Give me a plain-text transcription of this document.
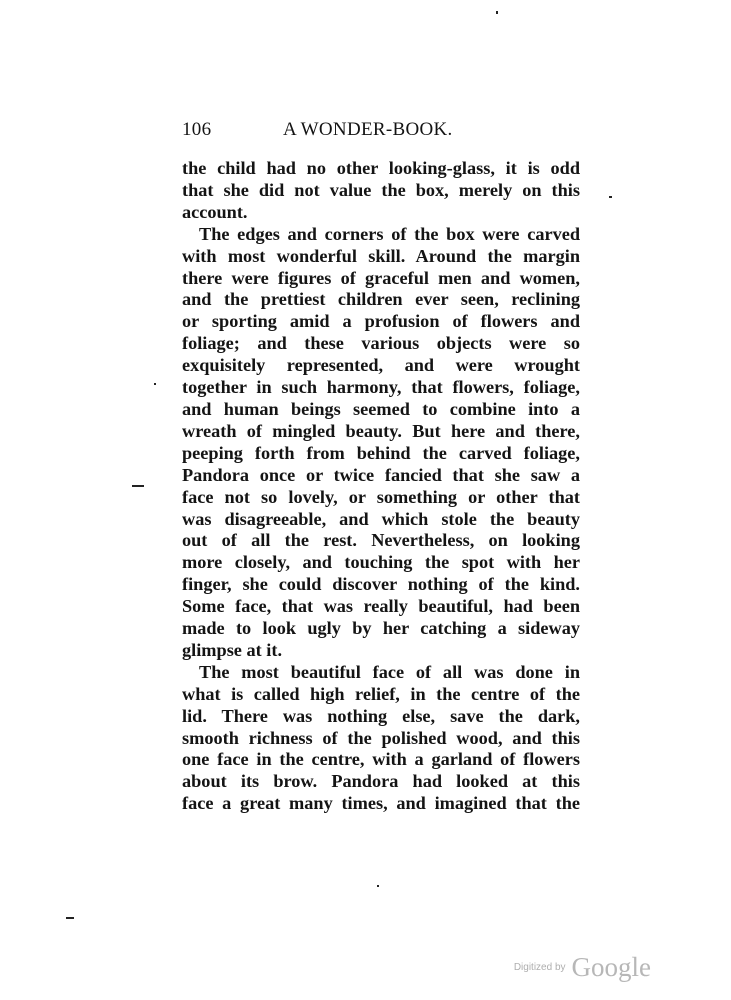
106	A WONDER-BOOK.
the child had no other looking-glass, it is odd
that she did not value the box, merely on this
account.
The edges and corners of the box were carved
with most wonderful skill. Around the margin
there were figures of graceful men and women,
and the prettiest children ever seen, reclining
or sporting amid a profusion of flowers and
foliage; and these various objects were so
exquisitely represented, and were wrought
together in such harmony, that flowers, foliage,
and human beings seemed to combine into a
wreath of mingled beauty. But here and there,
peeping forth from behind the carved foliage,
Pandora once or twice fancied that she saw a
face not so lovely, or something or other that
was disagreeable, and which stole the beauty
out of all the rest. Nevertheless, on looking
more closely, and touching the spot with her
finger, she could discover nothing of the kind.
Some face, that was really beautiful, had been
made to look ugly by her catching a sideway
glimpse at it.
The most beautiful face of all was done in
what is called high relief, in the centre of the
lid. There was nothing else, save the dark,
smooth richness of the polished wood, and this
one face in the centre, with a garland of flowers
about its brow. Pandora had looked at this
face a great many times, and imagined that the
Digitized by Google
